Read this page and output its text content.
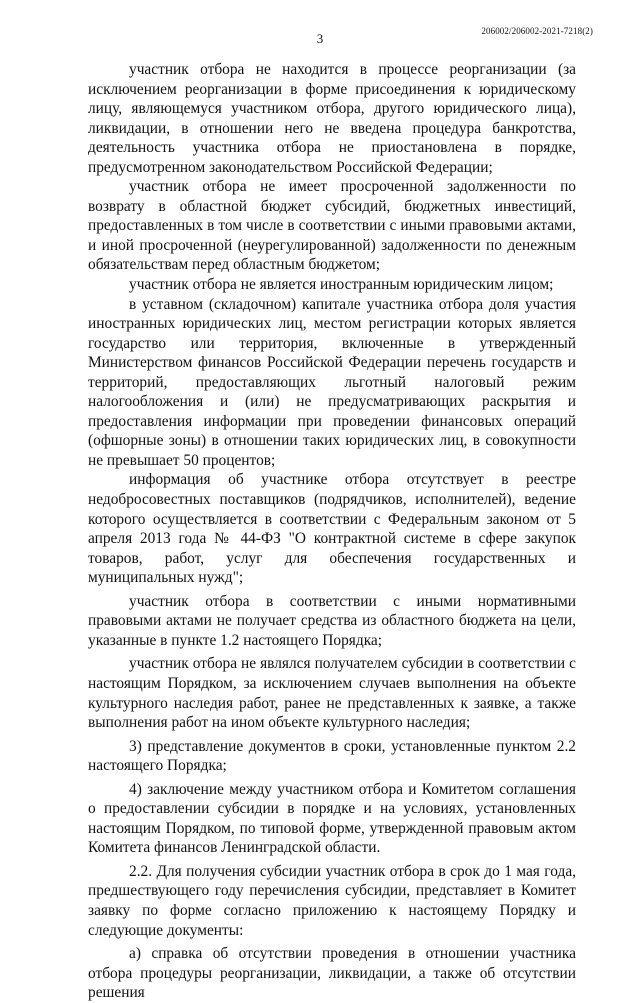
3	206002/206002-2021-7218(2)

участник отбора не находится в процессе реорганизации (за исключением реорганизации в форме присоединения к юридическому лицу, являющемуся участником отбора, другого юридического лица), ликвидации, в отношении него не введена процедура банкротства, деятельность участника отбора не приостановлена в порядке, предусмотренном законодательством Российской Федерации;

участник отбора не имеет просроченной задолженности по возврату в областной бюджет субсидий, бюджетных инвестиций, предоставленных в том числе в соответствии с иными правовыми актами, и иной просроченной (неурегулированной) задолженности по денежным обязательствам перед областным бюджетом;

участник отбора не является иностранным юридическим лицом;

в уставном (складочном) капитале участника отбора доля участия иностранных юридических лиц, местом регистрации которых является государство или территория, включенные в утвержденный Министерством финансов Российской Федерации перечень государств и территорий, предоставляющих льготный налоговый режим налогообложения и (или) не предусматривающих раскрытия и предоставления информации при проведении финансовых операций (офшорные зоны) в отношении таких юридических лиц, в совокупности не превышает 50 процентов;

информация об участнике отбора отсутствует в реестре недобросовестных поставщиков (подрядчиков, исполнителей), ведение которого осуществляется в соответствии с Федеральным законом от 5 апреля 2013 года № 44-ФЗ "О контрактной системе в сфере закупок товаров, работ, услуг для обеспечения государственных и муниципальных нужд";

участник отбора в соответствии с иными нормативными правовыми актами не получает средства из областного бюджета на цели, указанные в пункте 1.2 настоящего Порядка;

участник отбора не являлся получателем субсидии в соответствии с настоящим Порядком, за исключением случаев выполнения на объекте культурного наследия работ, ранее не представленных к заявке, а также выполнения работ на ином объекте культурного наследия;

3) представление документов в сроки, установленные пунктом 2.2 настоящего Порядка;

4) заключение между участником отбора и Комитетом соглашения о предоставлении субсидии в порядке и на условиях, установленных настоящим Порядком, по типовой форме, утвержденной правовым актом Комитета финансов Ленинградской области.

2.2. Для получения субсидии участник отбора в срок до 1 мая года, предшествующего году перечисления субсидии, представляет в Комитет заявку по форме согласно приложению к настоящему Порядку и следующие документы:

а) справка об отсутствии проведения в отношении участника отбора процедуры реорганизации, ликвидации, а также об отсутствии решения
